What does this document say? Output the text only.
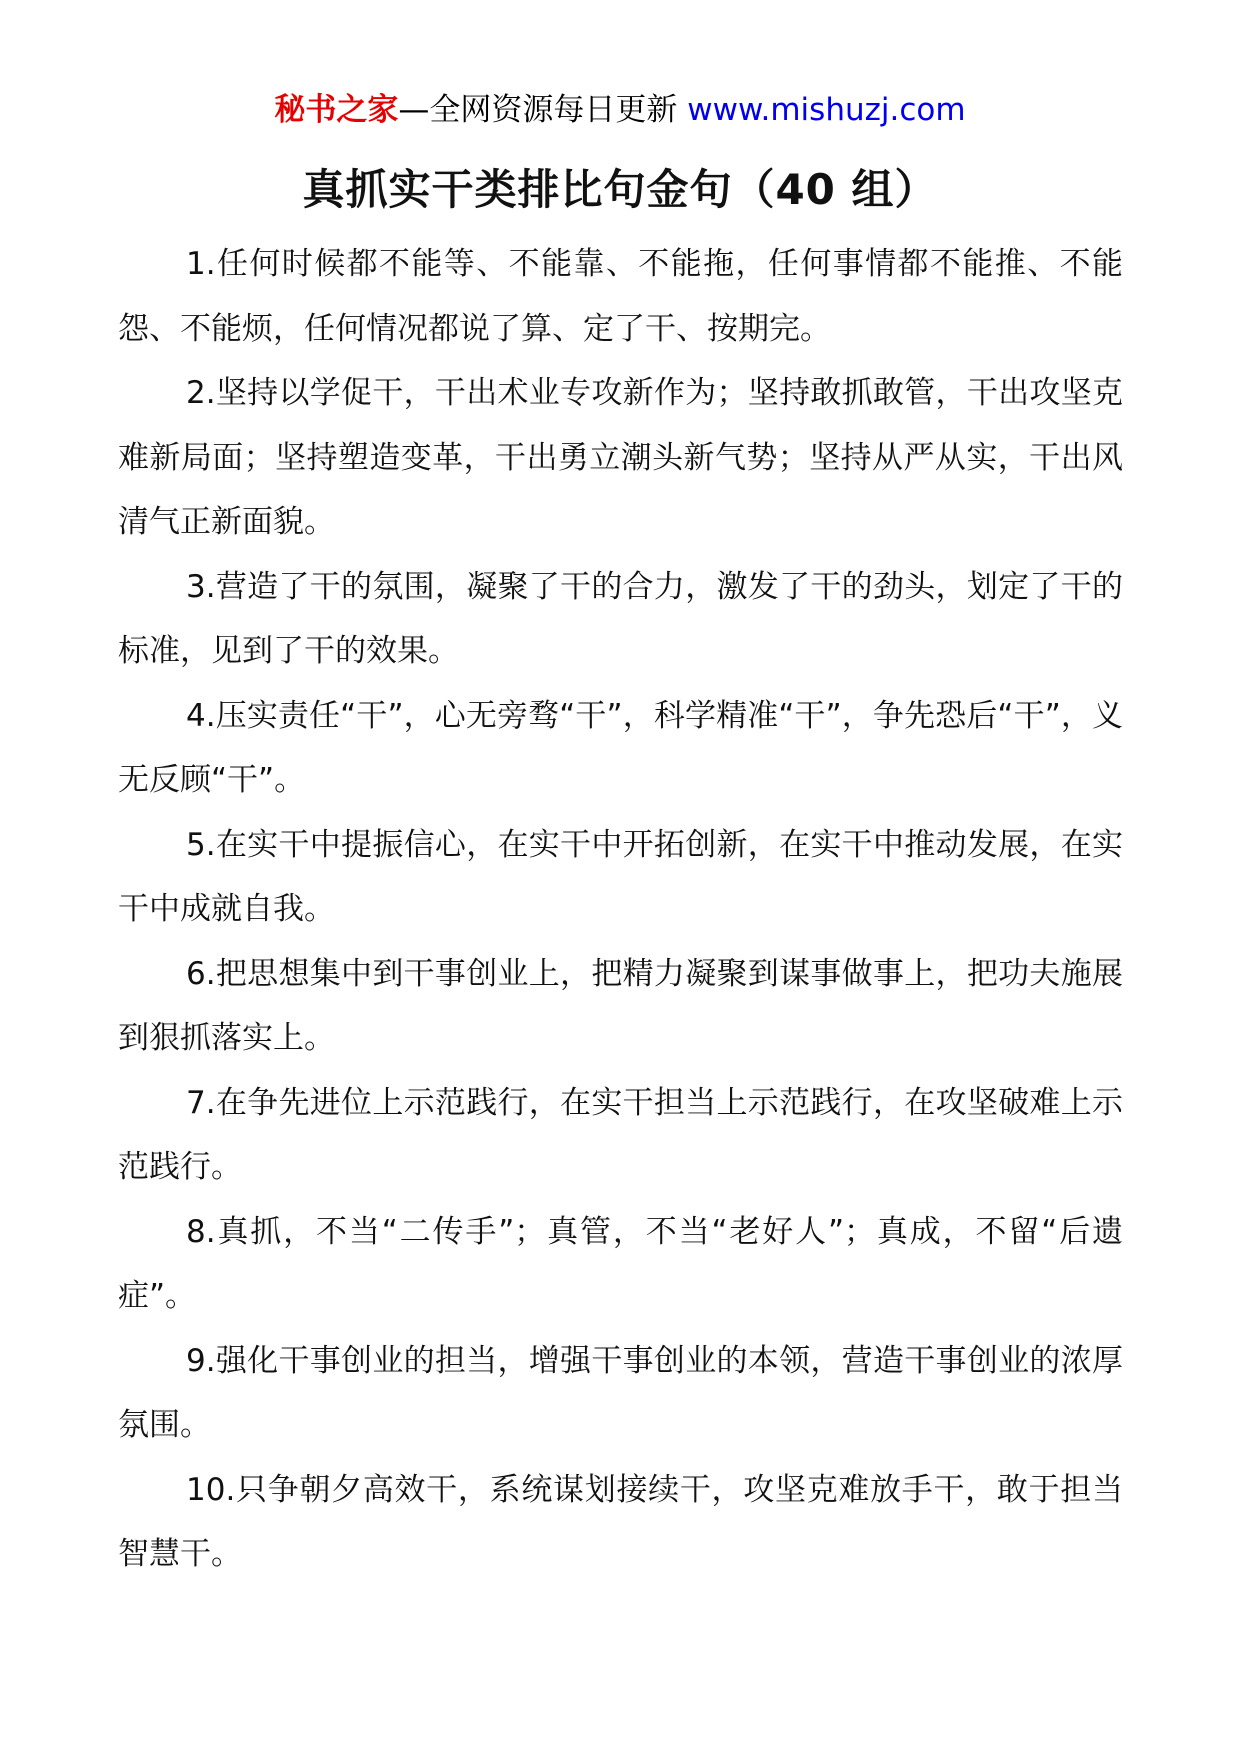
秘书之家—全网资源每日更新 www.mishuzj.com
真抓实干类排比句金句（40 组）

1.任何时候都不能等、不能靠、不能拖，任何事情都不能推、不能怨、不能烦，任何情况都说了算、定了干、按期完。

2.坚持以学促干，干出术业专攻新作为；坚持敢抓敢管，干出攻坚克难新局面；坚持塑造变革，干出勇立潮头新气势；坚持从严从实，干出风清气正新面貌。

3.营造了干的氛围，凝聚了干的合力，激发了干的劲头，划定了干的标准，见到了干的效果。

4.压实责任“干”，心无旁骛“干”，科学精准“干”，争先恐后“干”，义无反顾“干”。

5.在实干中提振信心，在实干中开拓创新，在实干中推动发展，在实干中成就自我。

6.把思想集中到干事创业上，把精力凝聚到谋事做事上，把功夫施展到狠抓落实上。

7.在争先进位上示范践行，在实干担当上示范践行，在攻坚破难上示范践行。

8.真抓，不当“二传手”；真管，不当“老好人”；真成，不留“后遗症”。

9.强化干事创业的担当，增强干事创业的本领，营造干事创业的浓厚氛围。

10.只争朝夕高效干，系统谋划接续干，攻坚克难放手干，敢于担当智慧干。
